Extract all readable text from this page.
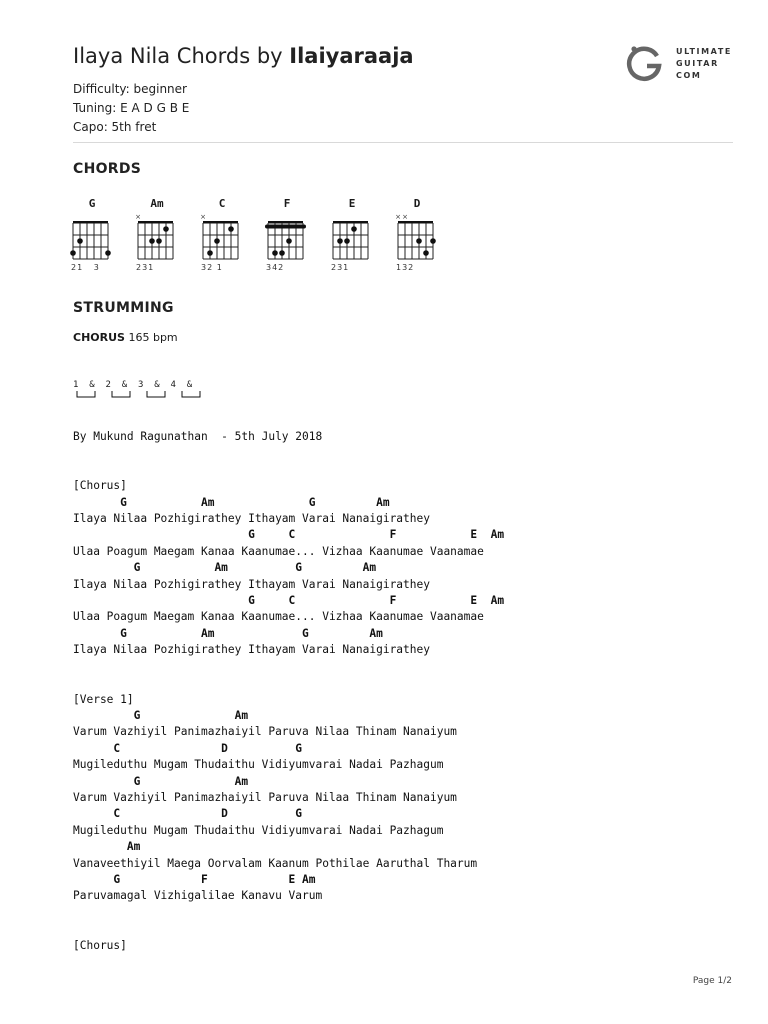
Ilaya Nila Chords by Ilaiyaraaja
Difficulty: beginner
Tuning: E A D G B E
Capo: 5th fret
ULTIMATE
GUITAR
COM
CHORDS
G
21   3
Am
×
231
C
×
32 1
F
342
E
231
D
× ×
132
STRUMMING
CHORUS 165 bpm
1  &  2  &  3  &  4  &
By Mukund Ragunathan  - 5th July 2018

[Chorus]
G           Am              G         Am
Ilaya Nilaa Pozhigirathey Ithayam Varai Nanaigirathey
G     C              F           E  Am
Ulaa Poagum Maegam Kanaa Kaanumae... Vizhaa Kaanumae Vaanamae
G           Am          G         Am
Ilaya Nilaa Pozhigirathey Ithayam Varai Nanaigirathey
G     C              F           E  Am
Ulaa Poagum Maegam Kanaa Kaanumae... Vizhaa Kaanumae Vaanamae
G           Am             G         Am
Ilaya Nilaa Pozhigirathey Ithayam Varai Nanaigirathey

[Verse 1]
G              Am
Varum Vazhiyil Panimazhaiyil Paruva Nilaa Thinam Nanaiyum
C               D          G
Mugileduthu Mugam Thudaithu Vidiyumvarai Nadai Pazhagum
G              Am
Varum Vazhiyil Panimazhaiyil Paruva Nilaa Thinam Nanaiyum
C               D          G
Mugileduthu Mugam Thudaithu Vidiyumvarai Nadai Pazhagum
Am
Vanaveethiyil Maega Oorvalam Kaanum Pothilae Aaruthal Tharum
G            F            E Am
Paruvamagal Vizhigalilae Kanavu Varum

[Chorus]
Page 1/2
